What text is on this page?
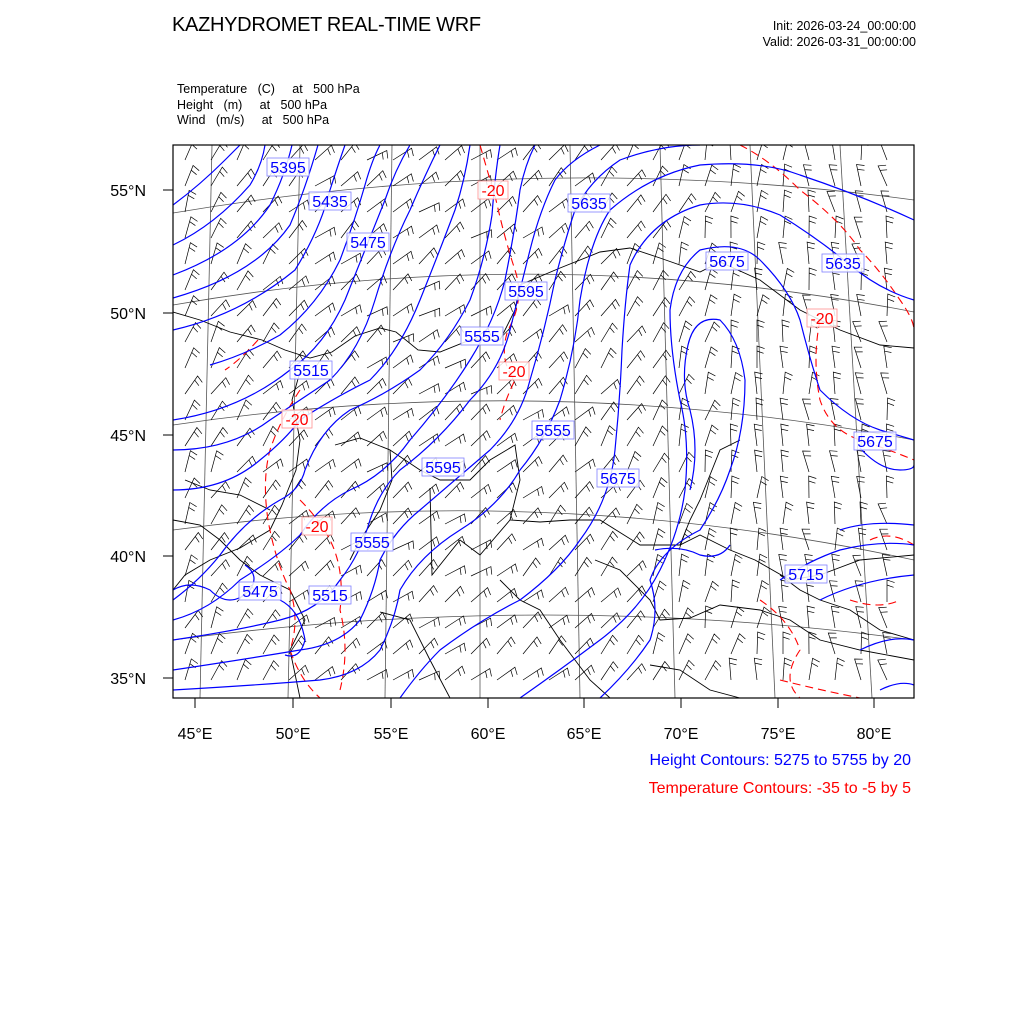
KAZHYDROMET REAL-TIME WRF	Init: 2026-03-24_00:00:00
Valid: 2026-03-31_00:00:00
Temperature   (C)     at   500 hPa
Height   (m)     at   500 hPa
Wind   (m/s)     at   500 hPa
5395
5435
5475
5515
5555
5595
5635
5675	5635
5675
5555
5595
5515
5475
5555
5675
5715
-20
-20
-20
-20
-20
55°N
50°N
45°N
40°N
35°N
45°E	50°E	55°E	60°E	65°E	70°E	75°E	80°E
Height Contours: 5275 to 5755 by 20
Temperature Contours: -35 to -5 by 5
